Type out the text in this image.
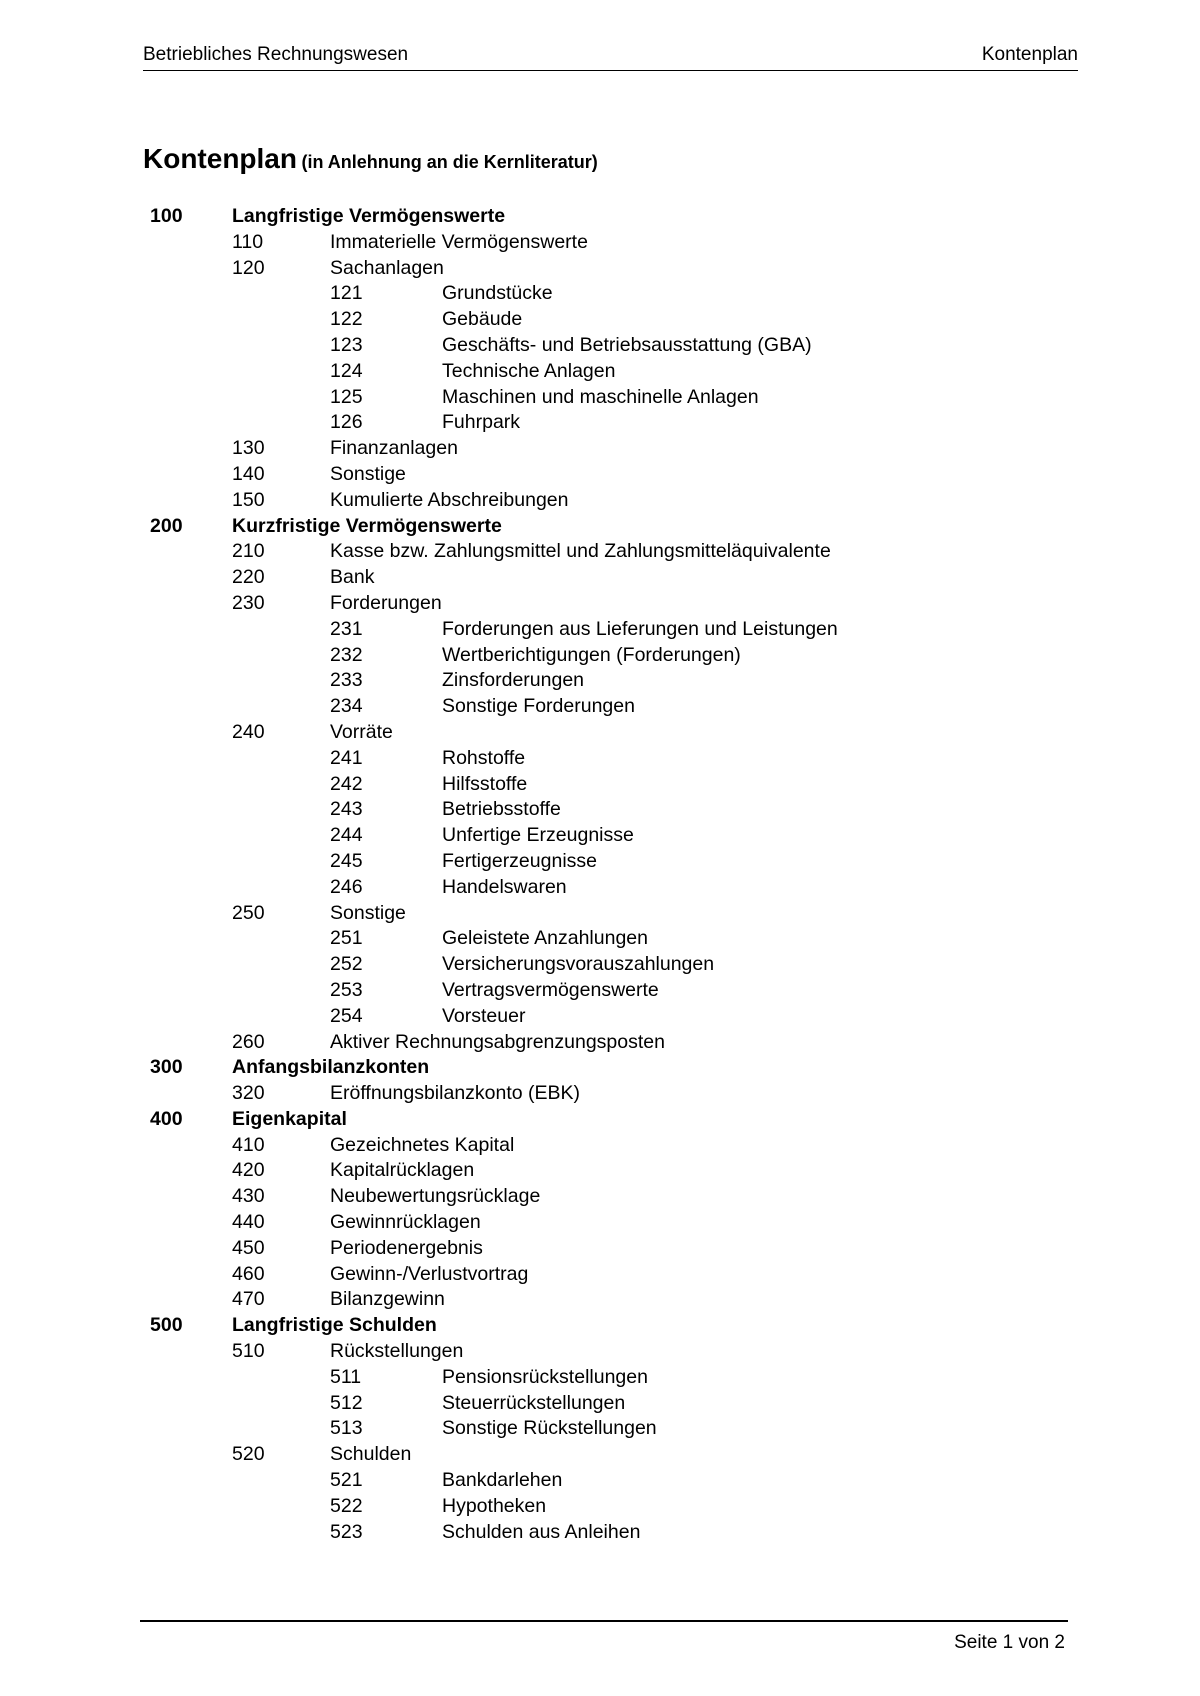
Betriebliches Rechnungswesen	Kontenplan
Kontenplan (in Anlehnung an die Kernliteratur)
100	Langfristige Vermögenswerte
110	Immaterielle Vermögenswerte
120	Sachanlagen
121	Grundstücke
122	Gebäude
123	Geschäfts- und Betriebsausstattung (GBA)
124	Technische Anlagen
125	Maschinen und maschinelle Anlagen
126	Fuhrpark
130	Finanzanlagen
140	Sonstige
150	Kumulierte Abschreibungen
200	Kurzfristige Vermögenswerte
210	Kasse bzw. Zahlungsmittel und Zahlungsmitteläquivalente
220	Bank
230	Forderungen
231	Forderungen aus Lieferungen und Leistungen
232	Wertberichtigungen (Forderungen)
233	Zinsforderungen
234	Sonstige Forderungen
240	Vorräte
241	Rohstoffe
242	Hilfsstoffe
243	Betriebsstoffe
244	Unfertige Erzeugnisse
245	Fertigerzeugnisse
246	Handelswaren
250	Sonstige
251	Geleistete Anzahlungen
252	Versicherungsvorauszahlungen
253	Vertragsvermögenswerte
254	Vorsteuer
260	Aktiver Rechnungsabgrenzungsposten
300	Anfangsbilanzkonten
320	Eröffnungsbilanzkonto (EBK)
400	Eigenkapital
410	Gezeichnetes Kapital
420	Kapitalrücklagen
430	Neubewertungsrücklage
440	Gewinnrücklagen
450	Periodenergebnis
460	Gewinn-/Verlustvortrag
470	Bilanzgewinn
500	Langfristige Schulden
510	Rückstellungen
511	Pensionsrückstellungen
512	Steuerrückstellungen
513	Sonstige Rückstellungen
520	Schulden
521	Bankdarlehen
522	Hypotheken
523	Schulden aus Anleihen
Seite 1 von 2
